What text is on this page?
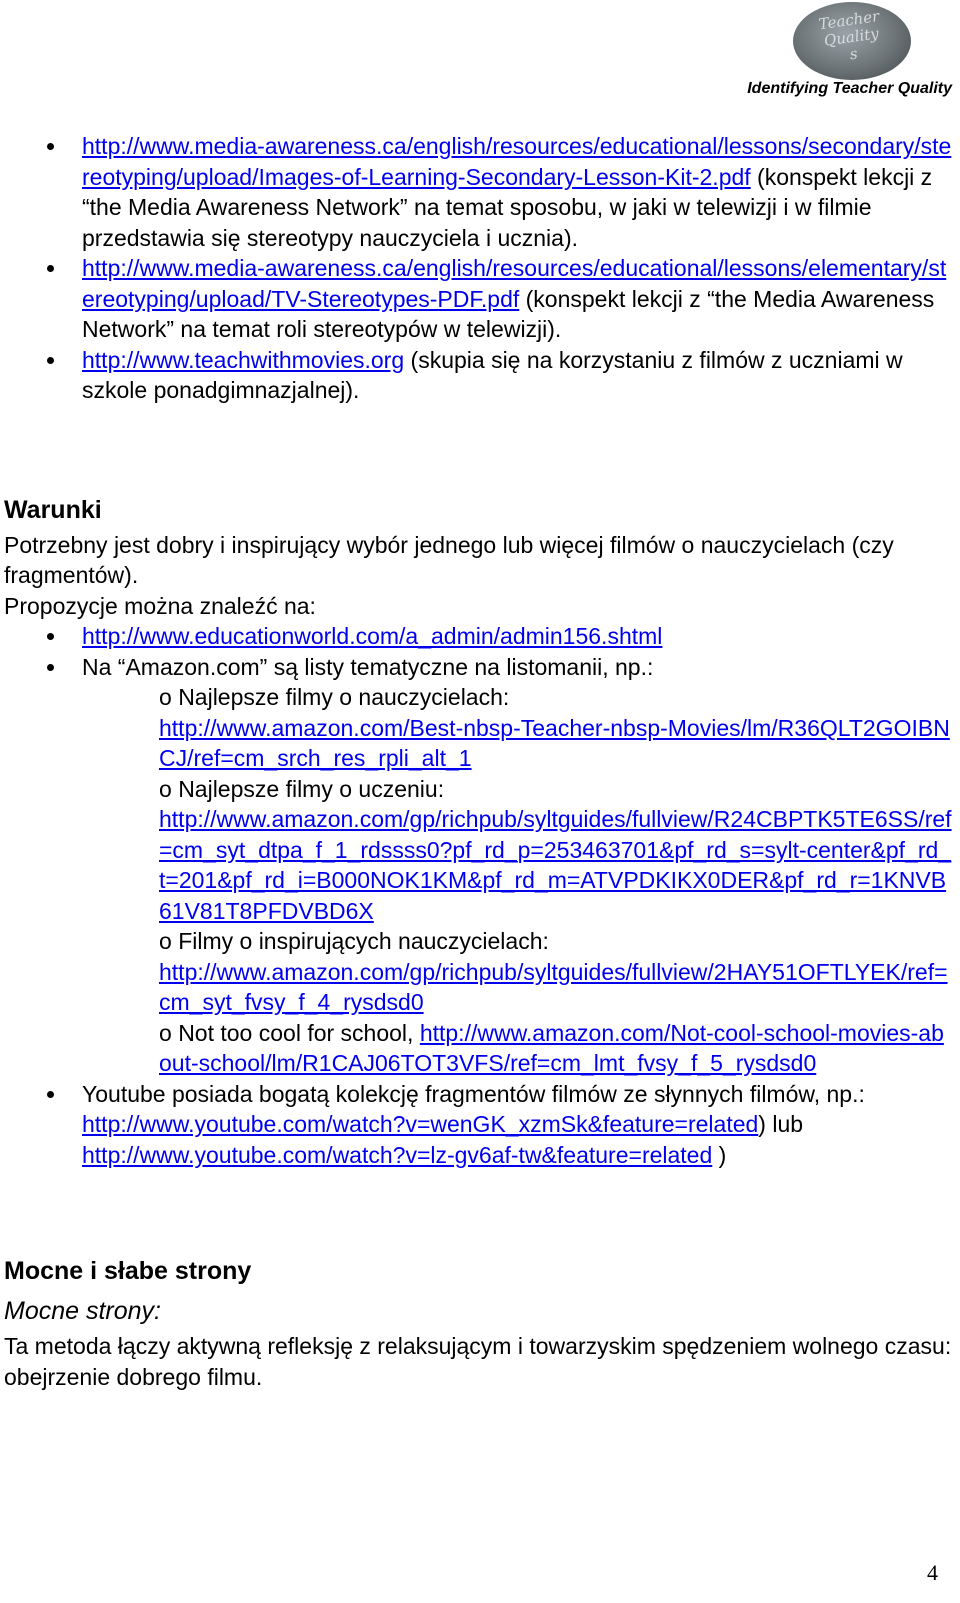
Teacher
Quality
s
Identifying Teacher Quality
http://www.media-awareness.ca/english/resources/educational/lessons/secondary/stereotyping/upload/Images-of-Learning-Secondary-Lesson-Kit-2.pdf (konspekt lekcji z “the Media Awareness Network” na temat sposobu, w jaki w telewizji i w filmie przedstawia się stereotypy nauczyciela i ucznia).
http://www.media-awareness.ca/english/resources/educational/lessons/elementary/stereotyping/upload/TV-Stereotypes-PDF.pdf (konspekt lekcji z “the Media Awareness Network” na temat roli stereotypów w telewizji).
http://www.teachwithmovies.org (skupia się na korzystaniu z filmów z uczniami w szkole ponadgimnazjalnej).
Warunki

Potrzebny jest dobry i inspirujący wybór jednego lub więcej filmów o nauczycielach (czy fragmentów).

Propozycje można znaleźć na:

http://www.educationworld.com/a_admin/admin156.shtml
Na “Amazon.com” są listy tematyczne na listomanii, np.:
o Najlepsze filmy o nauczycielach:
http://www.amazon.com/Best-nbsp-Teacher-nbsp-Movies/lm/R36QLT2GOIBNCJ/ref=cm_srch_res_rpli_alt_1
o Najlepsze filmy o uczeniu:
http://www.amazon.com/gp/richpub/syltguides/fullview/R24CBPTK5TE6SS/ref=cm_syt_dtpa_f_1_rdssss0?pf_rd_p=253463701&pf_rd_s=sylt-center&pf_rd_t=201&pf_rd_i=B000NOK1KM&pf_rd_m=ATVPDKIKX0DER&pf_rd_r=1KNVB61V81T8PFDVBD6X
o Filmy o inspirujących nauczycielach:
http://www.amazon.com/gp/richpub/syltguides/fullview/2HAY51OFTLYEK/ref=cm_syt_fvsy_f_4_rysdsd0
o Not too cool for school, http://www.amazon.com/Not-cool-school-movies-about-school/lm/R1CAJ06TOT3VFS/ref=cm_lmt_fvsy_f_5_rysdsd0
Youtube posiada bogatą kolekcję fragmentów filmów ze słynnych filmów, np.: http://www.youtube.com/watch?v=wenGK_xzmSk&feature=related) lub http://www.youtube.com/watch?v=lz-gv6af-tw&feature=related )
Mocne i słabe strony
Mocne strony:

Ta metoda łączy aktywną refleksję z relaksującym i towarzyskim spędzeniem wolnego czasu: obejrzenie dobrego filmu.

4
